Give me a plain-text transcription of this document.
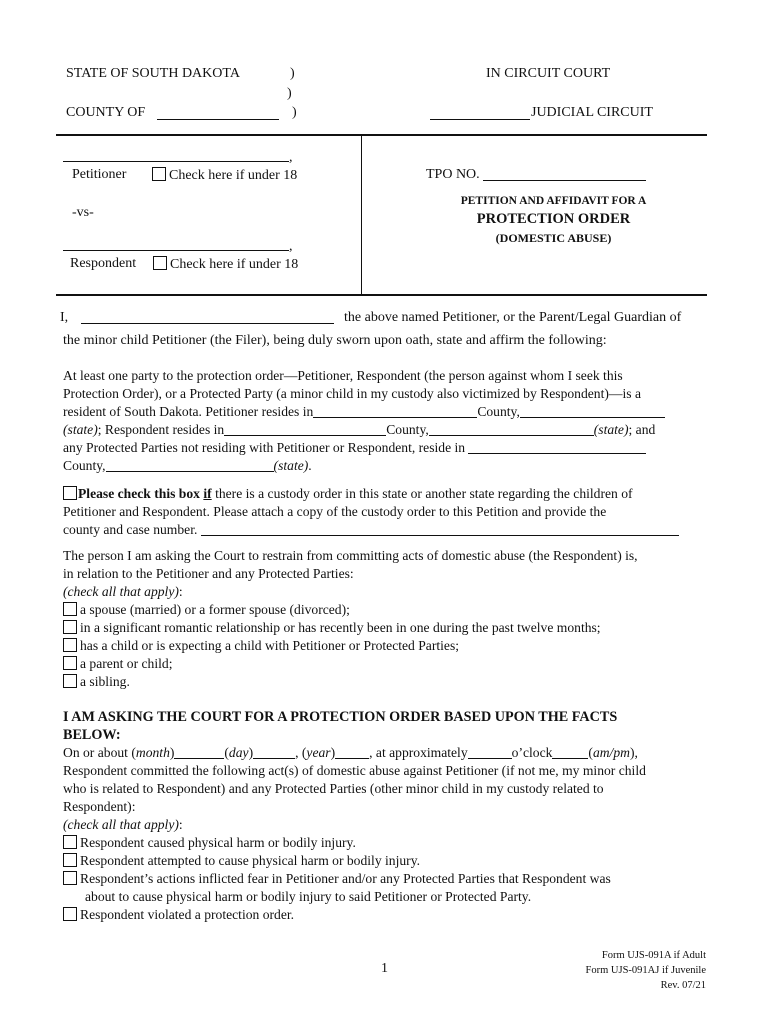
STATE OF SOUTH DAKOTA	)
)
COUNTY OF	)
IN CIRCUIT COURT
JUDICIAL CIRCUIT
,
Petitioner	Check here if under 18
-vs-
,
Respondent	Check here if under 18
TPO NO.
PETITION AND AFFIDAVIT FOR A
PROTECTION ORDER
(DOMESTIC ABUSE)
I,	the above named Petitioner, or the Parent/Legal Guardian of
the minor child Petitioner (the Filer), being duly sworn upon oath, state and affirm the following:
At least one party to the protection order—Petitioner, Respondent (the person against whom I seek this
Protection Order), or a Protected Party (a minor child in my custody also victimized by Respondent)—is a
resident of South Dakota. Petitioner resides in	County,
(state); Respondent resides in	County,	(state); and
any Protected Parties not residing with Petitioner or Respondent, reside in
County,	(state).
Please check this box if there is a custody order in this state or another state regarding the children of
Petitioner and Respondent. Please attach a copy of the custody order to this Petition and provide the
county and case number.
The person I am asking the Court to restrain from committing acts of domestic abuse (the Respondent) is,
in relation to the Petitioner and any Protected Parties:
(check all that apply):
a spouse (married) or a former spouse (divorced);
in a significant romantic relationship or has recently been in one during the past twelve months;
has a child or is expecting a child with Petitioner or Protected Parties;
a parent or child;
a sibling.
I AM ASKING THE COURT FOR A PROTECTION ORDER BASED UPON THE FACTS
BELOW:
On or about (month)	(day)	, (year)	, at approximately	o’clock	(am/pm),
Respondent committed the following act(s) of domestic abuse against Petitioner (if not me, my minor child
who is related to Respondent) and any Protected Parties (other minor child in my custody related to
Respondent):
(check all that apply):
Respondent caused physical harm or bodily injury.
Respondent attempted to cause physical harm or bodily injury.
Respondent’s actions inflicted fear in Petitioner and/or any Protected Parties that Respondent was
about to cause physical harm or bodily injury to said Petitioner or Protected Party.
Respondent violated a protection order.
1
Form UJS-091A if Adult
Form UJS-091AJ if Juvenile
Rev. 07/21
